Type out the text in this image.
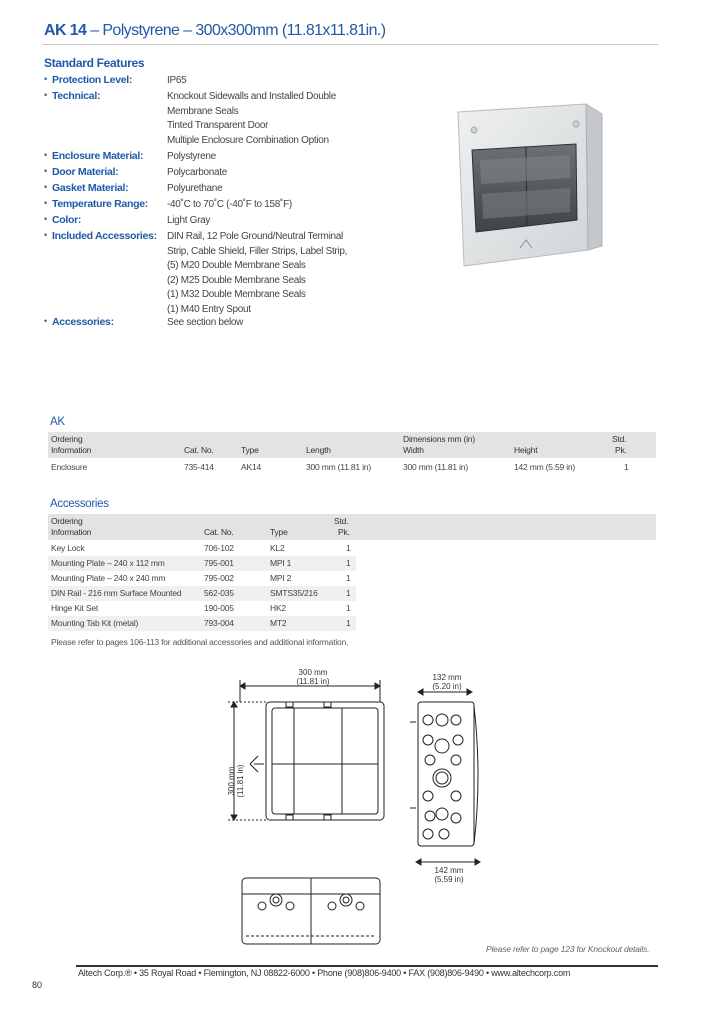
AK 14 – Polystyrene – 300x300mm (11.81x11.81in.)
Standard Features
• Protection Level:	IP65
• Technical:	Knockout Sidewalls and Installed Double
Membrane Seals
Tinted Transparent Door
Multiple Enclosure Combination Option
• Enclosure Material: Polystyrene
• Door Material:	Polycarbonate
• Gasket Material:	Polyurethane
• Temperature Range: -40˚C to 70˚C (-40˚F to 158˚F)
• Color:	Light Gray
• Included Accessories: DIN Rail, 12 Pole Ground/Neutral Terminal
Strip, Cable Shield, Filler Strips, Label Strip,
(5) M20 Double Membrane Seals
(2) M25 Double Membrane Seals
(1) M32 Double Membrane Seals
(1) M40 Entry Spout
• Accessories:	See section below
AK
Ordering
Information	Cat. No.	Type	Length
Dimensions mm (in)
Width	Height
Std.
Pk.
Enclosure	735-414	AK14	300 mm (11.81 in)	300 mm (11.81 in)	142 mm (5.59 in)	1
Accessories
Ordering
Information	Cat. No.	Type
Std.
Pk.
Key Lock	706-102	KL2	1
Mounting Plate – 240 x 112 mm	795-001	MPI 1	1
Mounting Plate – 240 x 240 mm	795-002	MPI 2	1
DIN Rail - 216 mm Surface Mounted	562-035	SMTS35/216	1
Hinge Kit Set	190-005	HK2	1
Mounting Tab Kit (metal)	793-004	MT2	1
Please refer to pages 106-113 for additional accessories and additional information.
300 mm
(11.81 in)
300 mm (11.81 in)
132 mm
(5.20 in)
142 mm
(5.59 in)
Please refer to page 123 for Knockout details.
Altech Corp.® • 35 Royal Road • Flemington, NJ 08822-6000 • Phone (908)806-9400 • FAX (908)806-9490 • www.altechcorp.com
80
